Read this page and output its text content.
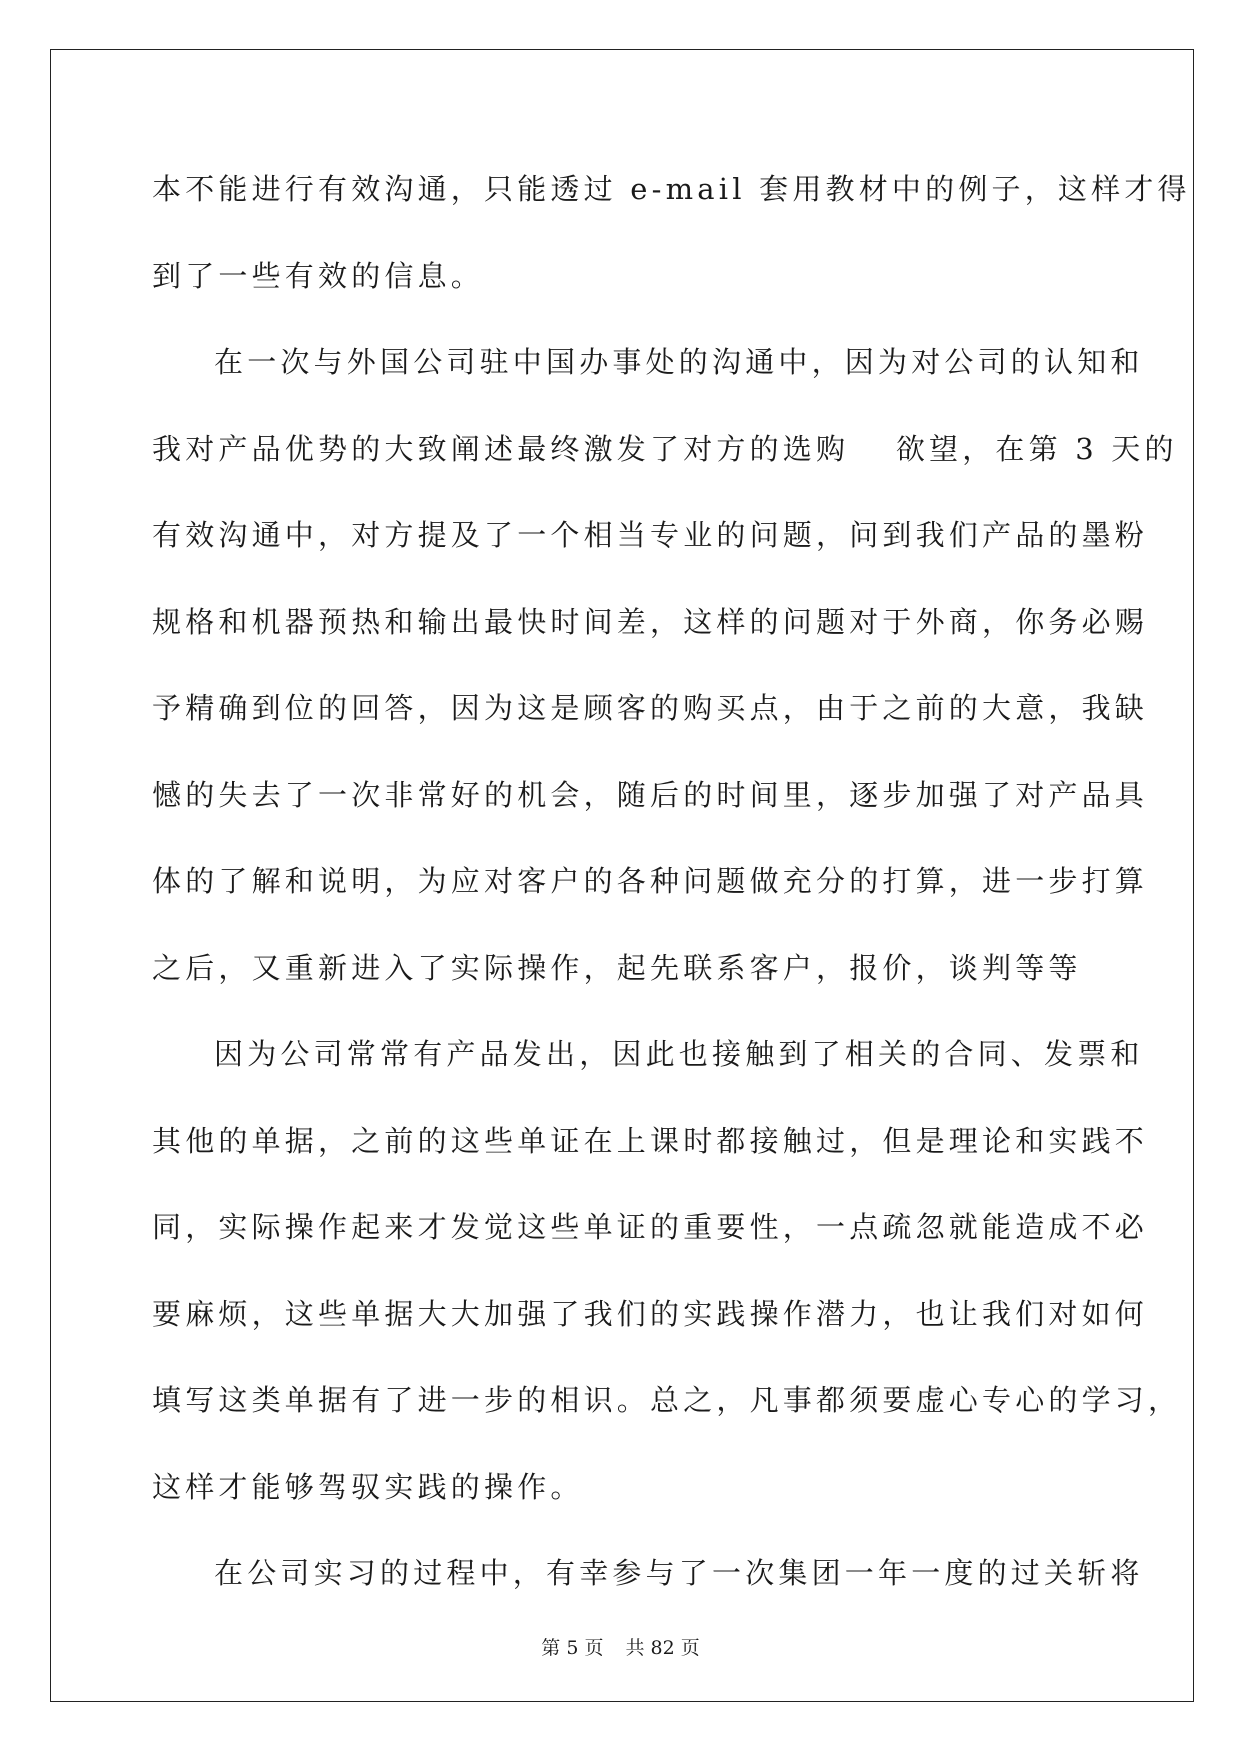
本不能进行有效沟通，只能透过 e-mail 套用教材中的例子，这样才得
到了一些有效的信息。
在一次与外国公司驻中国办事处的沟通中，因为对公司的认知和
我对产品优势的大致阐述最终激发了对方的选购　 欲望，在第 3 天的
有效沟通中，对方提及了一个相当专业的问题，问到我们产品的墨粉
规格和机器预热和输出最快时间差，这样的问题对于外商，你务必赐
予精确到位的回答，因为这是顾客的购买点，由于之前的大意，我缺
憾的失去了一次非常好的机会，随后的时间里，逐步加强了对产品具
体的了解和说明，为应对客户的各种问题做充分的打算，进一步打算
之后，又重新进入了实际操作，起先联系客户，报价，谈判等等
因为公司常常有产品发出，因此也接触到了相关的合同、发票和
其他的单据，之前的这些单证在上课时都接触过，但是理论和实践不
同，实际操作起来才发觉这些单证的重要性，一点疏忽就能造成不必
要麻烦，这些单据大大加强了我们的实践操作潜力，也让我们对如何
填写这类单据有了进一步的相识。总之，凡事都须要虚心专心的学习，
这样才能够驾驭实践的操作。
在公司实习的过程中，有幸参与了一次集团一年一度的过关斩将
第 5 页 共 82 页
